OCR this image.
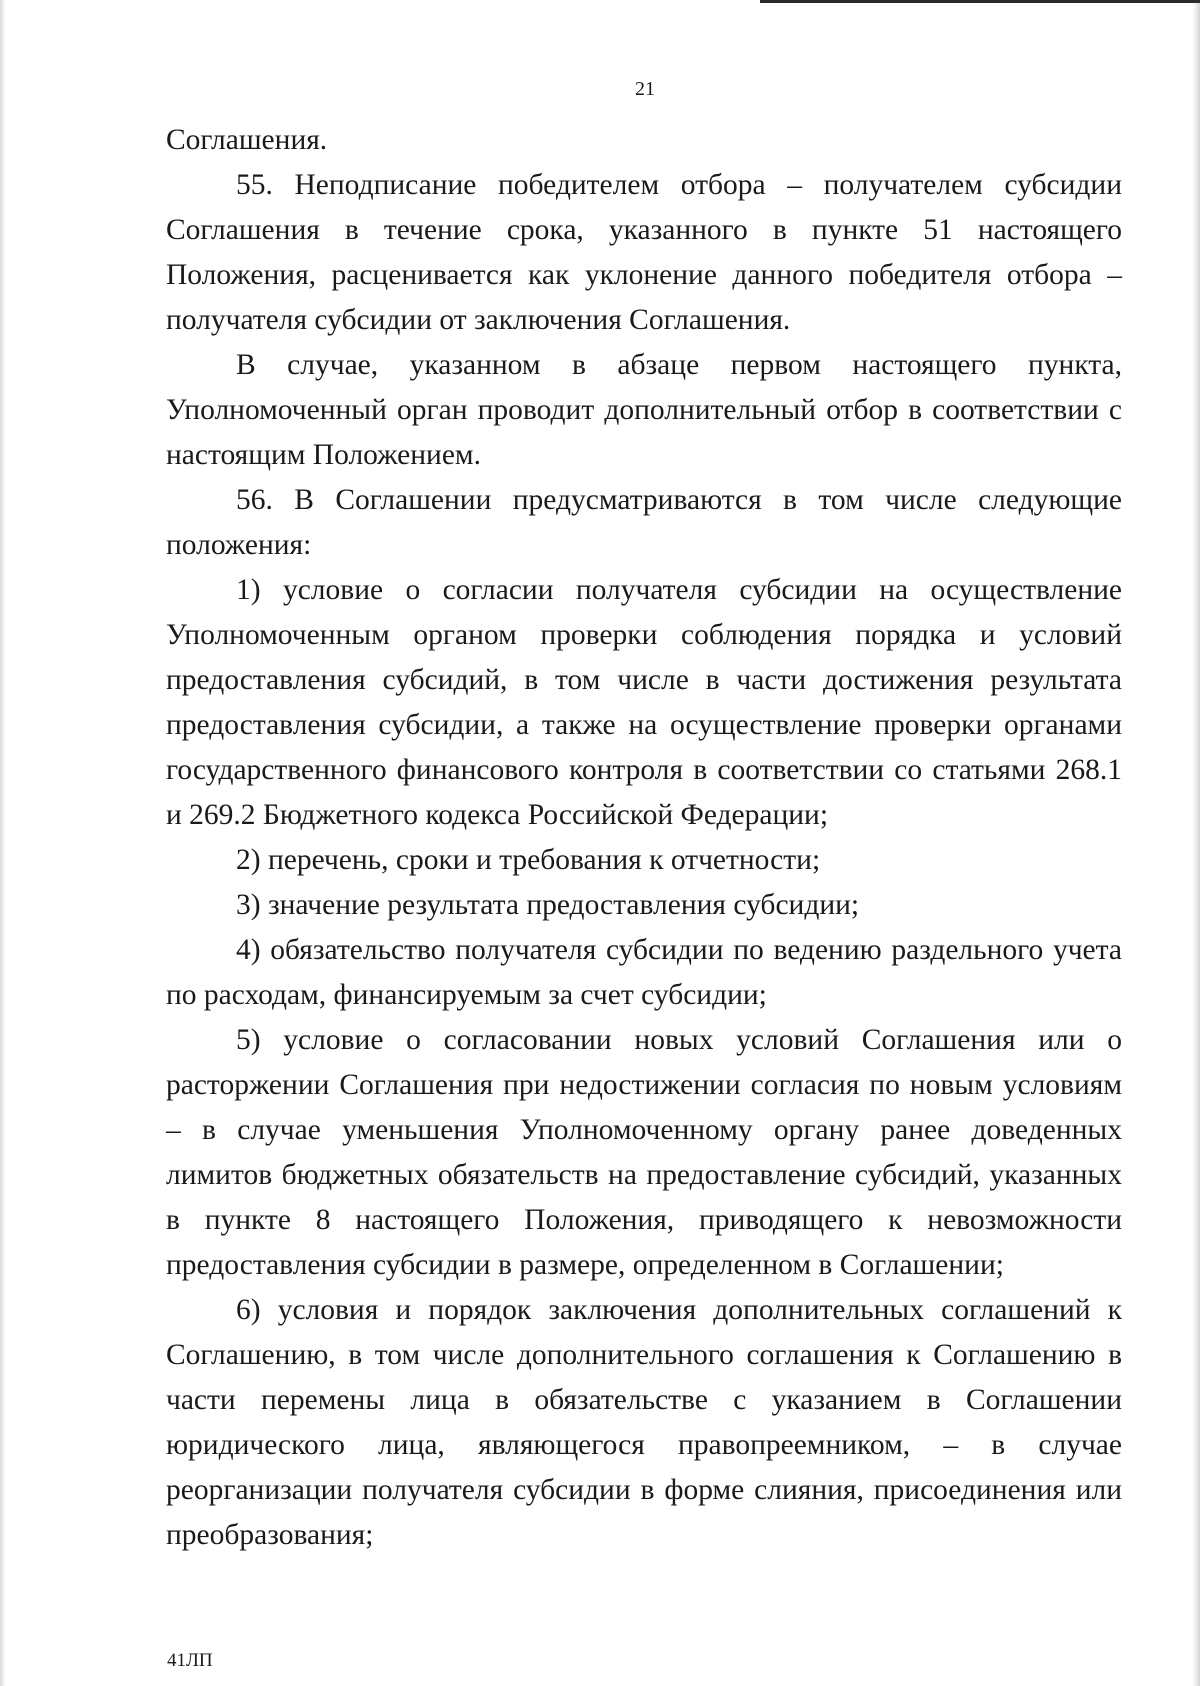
21

Соглашения.

55. Неподписание победителем отбора – получателем субсидии Соглашения в течение срока, указанного в пункте 51 настоящего Положения, расценивается как уклонение данного победителя отбора – получателя субсидии от заключения Соглашения.

В случае, указанном в абзаце первом настоящего пункта, Уполномоченный орган проводит дополнительный отбор в соответствии с настоящим Положением.

56. В Соглашении предусматриваются в том числе следующие положения:

1) условие о согласии получателя субсидии на осуществление Уполномоченным органом проверки соблюдения порядка и условий предоставления субсидий, в том числе в части достижения результата предоставления субсидии, а также на осуществление проверки органами государственного финансового контроля в соответствии со статьями 268.1 и 269.2 Бюджетного кодекса Российской Федерации;

2) перечень, сроки и требования к отчетности;

3) значение результата предоставления субсидии;

4) обязательство получателя субсидии по ведению раздельного учета по расходам, финансируемым за счет субсидии;

5) условие о согласовании новых условий Соглашения или о расторжении Соглашения при недостижении согласия по новым условиям – в случае уменьшения Уполномоченному органу ранее доведенных лимитов бюджетных обязательств на предоставление субсидий, указанных в пункте 8 настоящего Положения, приводящего к невозможности предоставления субсидии в размере, определенном в Соглашении;

6) условия и порядок заключения дополнительных соглашений к Соглашению, в том числе дополнительного соглашения к Соглашению в части перемены лица в обязательстве с указанием в Соглашении юридического лица, являющегося правопреемником, – в случае реорганизации получателя субсидии в форме слияния, присоединения или преобразования;

41ЛП
